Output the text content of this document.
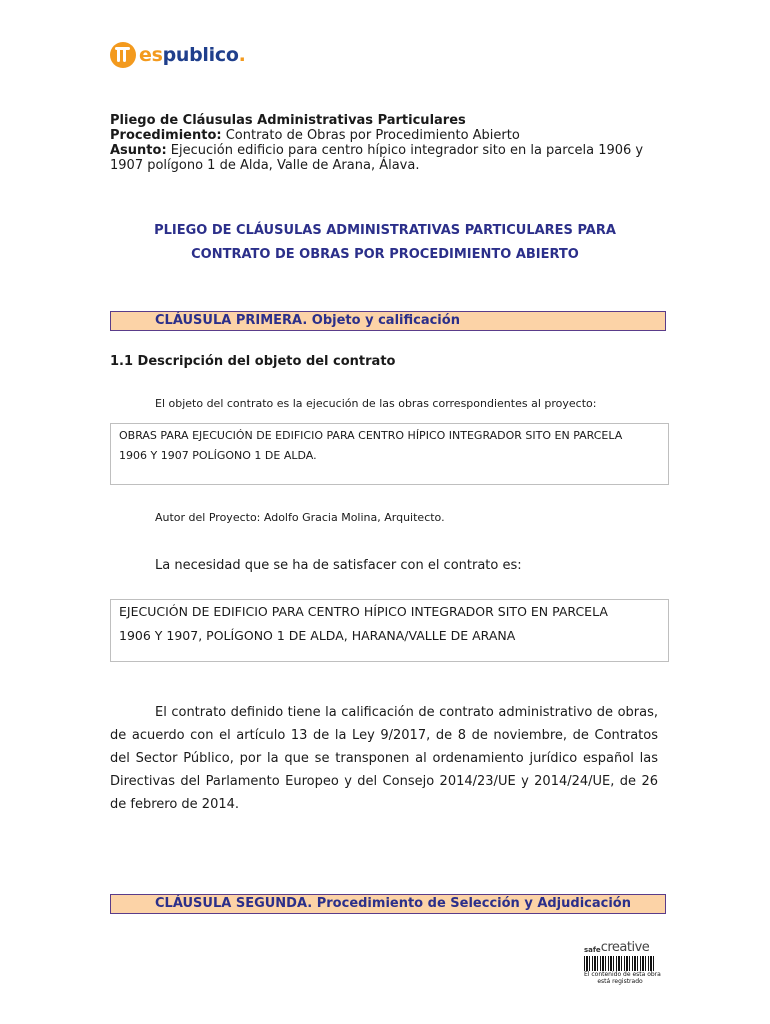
espublico.
Pliego de Cláusulas Administrativas Particulares
Procedimiento: Contrato de Obras por Procedimiento Abierto
Asunto: Ejecución edificio para centro hípico integrador sito en la parcela 1906 y
1907 polígono 1 de Alda, Valle de Arana, Álava.
PLIEGO DE CLÁUSULAS ADMINISTRATIVAS PARTICULARES PARA
CONTRATO DE OBRAS POR PROCEDIMIENTO ABIERTO
CLÁUSULA PRIMERA. Objeto y calificación
1.1 Descripción del objeto del contrato
El objeto del contrato es la ejecución de las obras correspondientes al proyecto:
OBRAS PARA EJECUCIÓN DE EDIFICIO PARA CENTRO HÍPICO INTEGRADOR SITO EN PARCELA
1906 Y 1907 POLÍGONO 1 DE ALDA.
Autor del Proyecto: Adolfo Gracia Molina, Arquitecto.
La necesidad que se ha de satisfacer con el contrato es:
EJECUCIÓN DE EDIFICIO PARA CENTRO HÍPICO INTEGRADOR SITO EN PARCELA
1906 Y 1907, POLÍGONO 1 DE ALDA, HARANA/VALLE DE ARANA
El contrato definido tiene la calificación de contrato administrativo de obras, de acuerdo con el artículo 13 de la Ley 9/2017, de 8 de noviembre, de Contratos del Sector Público, por la que se transponen al ordenamiento jurídico español las Directivas del Parlamento Europeo y del Consejo 2014/23/UE y 2014/24/UE, de 26 de febrero de 2014.
CLÁUSULA SEGUNDA. Procedimiento de Selección y Adjudicación
safe creative
El contenido de esta obra
está registrado
